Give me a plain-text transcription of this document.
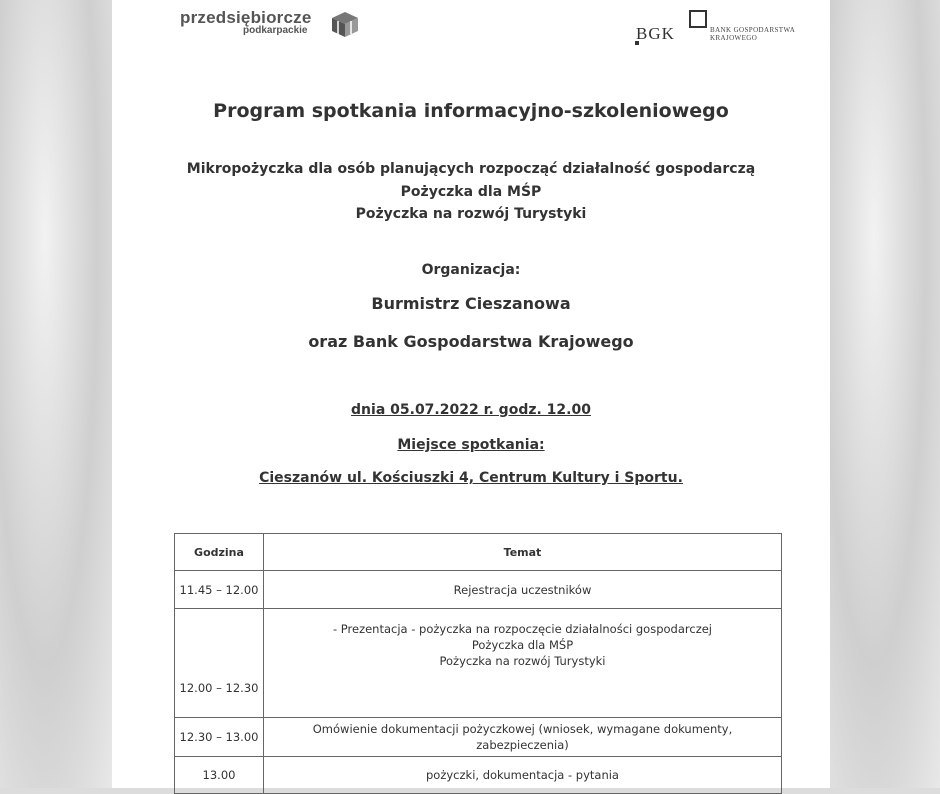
przedsiębiorcze
podkarpackie	BGK	BANK GOSPODARSTWA
KRAJOWEGO
Program spotkania informacyjno-szkoleniowego
Mikropożyczka dla osób planujących rozpocząć działalność gospodarczą
Pożyczka dla MŚP
Pożyczka na rozwój Turystyki
Organizacja:
Burmistrz Cieszanowa
oraz Bank Gospodarstwa Krajowego
dnia 05.07.2022 r. godz. 12.00
Miejsce spotkania:
Cieszanów ul. Kościuszki 4, Centrum Kultury i Sportu.
Godzina	Temat
11.45 – 12.00	Rejestracja uczestników
12.00 – 12.30	- Prezentacja - pożyczka na rozpoczęcie działalności gospodarczej
Pożyczka dla MŚP
Pożyczka na rozwój Turystyki

12.30 – 13.00	Omówienie dokumentacji pożyczkowej (wniosek, wymagane dokumenty,
zabezpieczenia)

13.00	pożyczki, dokumentacja - pytania
